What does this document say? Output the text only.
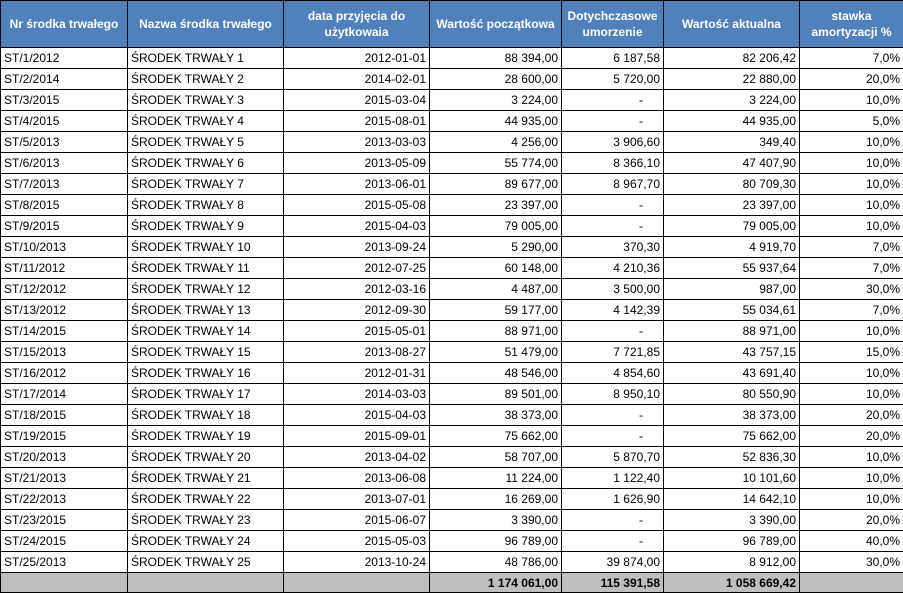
Nr środka trwałego	Nazwa środka trwałego	data przyjęcia do użytkowaia	Wartość początkowa	Dotychczasowe umorzenie	Wartość aktualna	stawka amortyzacji %
ST/1/2012	ŚRODEK TRWAŁY 1	2012-01-01	88 394,00	6 187,58	82 206,42	7,0%
ST/2/2014	ŚRODEK TRWAŁY 2	2014-02-01	28 600,00	5 720,00	22 880,00	20,0%
ST/3/2015	ŚRODEK TRWAŁY 3	2015-03-04	3 224,00	-	3 224,00	10,0%
ST/4/2015	ŚRODEK TRWAŁY 4	2015-08-01	44 935,00	-	44 935,00	5,0%
ST/5/2013	ŚRODEK TRWAŁY 5	2013-03-03	4 256,00	3 906,60	349,40	10,0%
ST/6/2013	ŚRODEK TRWAŁY 6	2013-05-09	55 774,00	8 366,10	47 407,90	10,0%
ST/7/2013	ŚRODEK TRWAŁY 7	2013-06-01	89 677,00	8 967,70	80 709,30	10,0%
ST/8/2015	ŚRODEK TRWAŁY 8	2015-05-08	23 397,00	-	23 397,00	10,0%
ST/9/2015	ŚRODEK TRWAŁY 9	2015-04-03	79 005,00	-	79 005,00	10,0%
ST/10/2013	ŚRODEK TRWAŁY 10	2013-09-24	5 290,00	370,30	4 919,70	7,0%
ST/11/2012	ŚRODEK TRWAŁY 11	2012-07-25	60 148,00	4 210,36	55 937,64	7,0%
ST/12/2012	ŚRODEK TRWAŁY 12	2012-03-16	4 487,00	3 500,00	987,00	30,0%
ST/13/2012	ŚRODEK TRWAŁY 13	2012-09-30	59 177,00	4 142,39	55 034,61	7,0%
ST/14/2015	ŚRODEK TRWAŁY 14	2015-05-01	88 971,00	-	88 971,00	10,0%
ST/15/2013	ŚRODEK TRWAŁY 15	2013-08-27	51 479,00	7 721,85	43 757,15	15,0%
ST/16/2012	ŚRODEK TRWAŁY 16	2012-01-31	48 546,00	4 854,60	43 691,40	10,0%
ST/17/2014	ŚRODEK TRWAŁY 17	2014-03-03	89 501,00	8 950,10	80 550,90	10,0%
ST/18/2015	ŚRODEK TRWAŁY 18	2015-04-03	38 373,00	-	38 373,00	20,0%
ST/19/2015	ŚRODEK TRWAŁY 19	2015-09-01	75 662,00	-	75 662,00	20,0%
ST/20/2013	ŚRODEK TRWAŁY 20	2013-04-02	58 707,00	5 870,70	52 836,30	10,0%
ST/21/2013	ŚRODEK TRWAŁY 21	2013-06-08	11 224,00	1 122,40	10 101,60	10,0%
ST/22/2013	ŚRODEK TRWAŁY 22	2013-07-01	16 269,00	1 626,90	14 642,10	10,0%
ST/23/2015	ŚRODEK TRWAŁY 23	2015-06-07	3 390,00	-	3 390,00	20,0%
ST/24/2015	ŚRODEK TRWAŁY 24	2015-05-03	96 789,00	-	96 789,00	40,0%
ST/25/2013	ŚRODEK TRWAŁY 25	2013-10-24	48 786,00	39 874,00	8 912,00	30,0%
			1 174 061,00	115 391,58	1 058 669,42	
